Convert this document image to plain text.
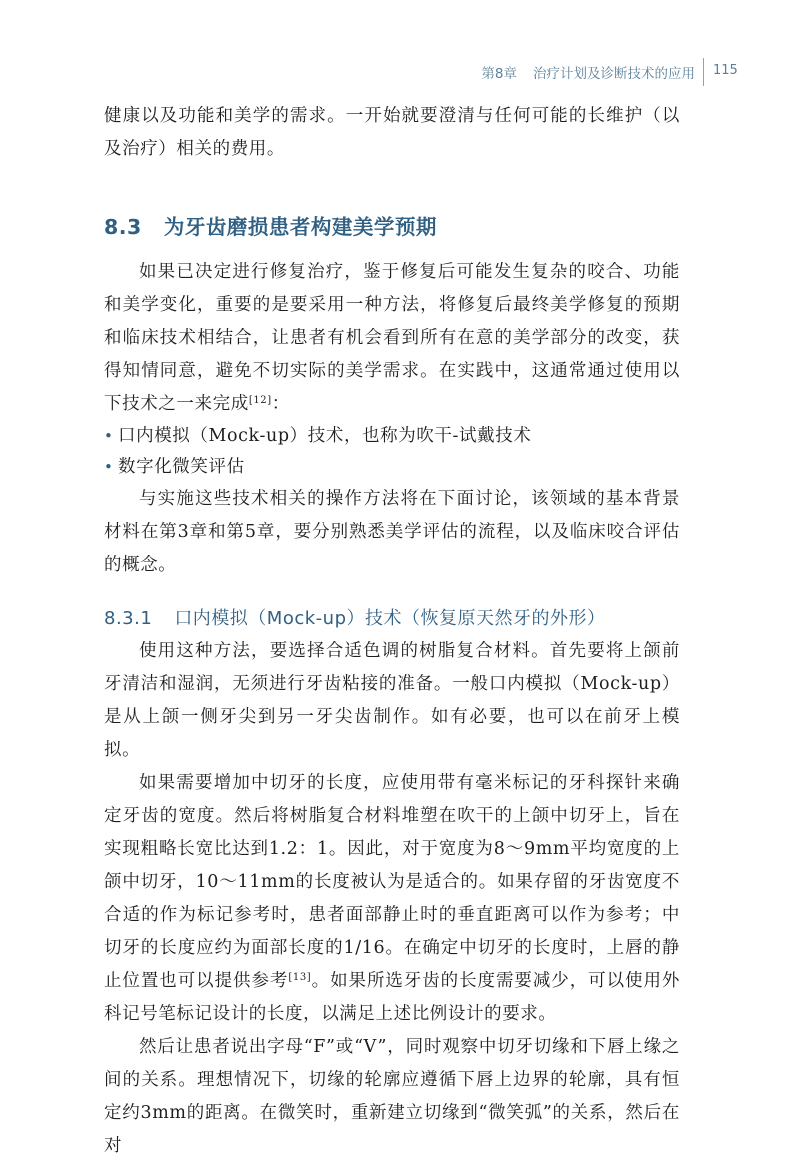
第8章 治疗计划及诊断技术的应用 115

健康以及功能和美学的需求。一开始就要澄清与任何可能的长维护（以及治疗）相关的费用。

8.3 为牙齿磨损患者构建美学预期

如果已决定进行修复治疗，鉴于修复后可能发生复杂的咬合、功能和美学变化，重要的是要采用一种方法，将修复后最终美学修复的预期和临床技术相结合，让患者有机会看到所有在意的美学部分的改变，获得知情同意，避免不切实际的美学需求。在实践中，这通常通过使用以下技术之一来完成[12]：

• 口内模拟（Mock-up）技术，也称为吹干-试戴技术
• 数字化微笑评估

与实施这些技术相关的操作方法将在下面讨论，该领域的基本背景材料在第3章和第5章，要分别熟悉美学评估的流程，以及临床咬合评估的概念。

8.3.1 口内模拟（Mock-up）技术（恢复原天然牙的外形）

使用这种方法，要选择合适色调的树脂复合材料。首先要将上颌前牙清洁和湿润，无须进行牙齿粘接的准备。一般口内模拟（Mock-up）是从上颌一侧牙尖到另一牙尖齿制作。如有必要，也可以在前牙上模拟。

如果需要增加中切牙的长度，应使用带有毫米标记的牙科探针来确定牙齿的宽度。然后将树脂复合材料堆塑在吹干的上颌中切牙上，旨在实现粗略长宽比达到1.2：1。因此，对于宽度为8～9mm平均宽度的上颌中切牙，10～11mm的长度被认为是适合的。如果存留的牙齿宽度不合适的作为标记参考时，患者面部静止时的垂直距离可以作为参考；中切牙的长度应约为面部长度的1/16。在确定中切牙的长度时，上唇的静止位置也可以提供参考[13]。如果所选牙齿的长度需要减少，可以使用外科记号笔标记设计的长度，以满足上述比例设计的要求。

然后让患者说出字母“F”或“V”，同时观察中切牙切缘和下唇上缘之间的关系。理想情况下，切缘的轮廓应遵循下唇上边界的轮廓，具有恒定约3mm的距离。在微笑时，重新建立切缘到“微笑弧”的关系，然后在对
